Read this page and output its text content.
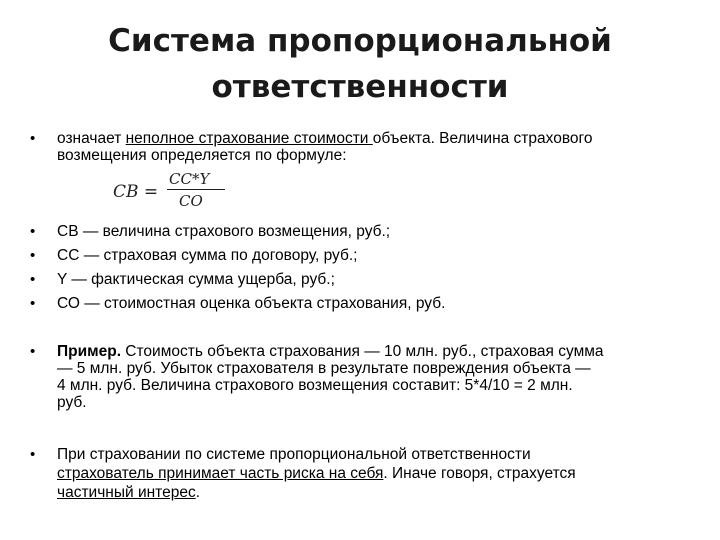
Система пропорциональной
ответственности
• означает неполное страхование стоимости объекта. Величина страхового
возмещения определяется по формуле:
CB =
CC*Y
CO
• СВ — величина страхового возмещения, руб.;
• СС — страховая сумма по договору, руб.;
• Y — фактическая сумма ущерба, руб.;
• СО — стоимостная оценка объекта страхования, руб.
• Пример. Стоимость объекта страхования — 10 млн. руб., страховая сумма
— 5 млн. руб. Убыток страхователя в результате повреждения объекта —
4 млн. руб. Величина страхового возмещения составит: 5*4/10 = 2 млн.
руб.
• При страховании по системе пропорциональной ответственности
страхователь принимает часть риска на себя. Иначе говоря, страхуется
частичный интерес.
